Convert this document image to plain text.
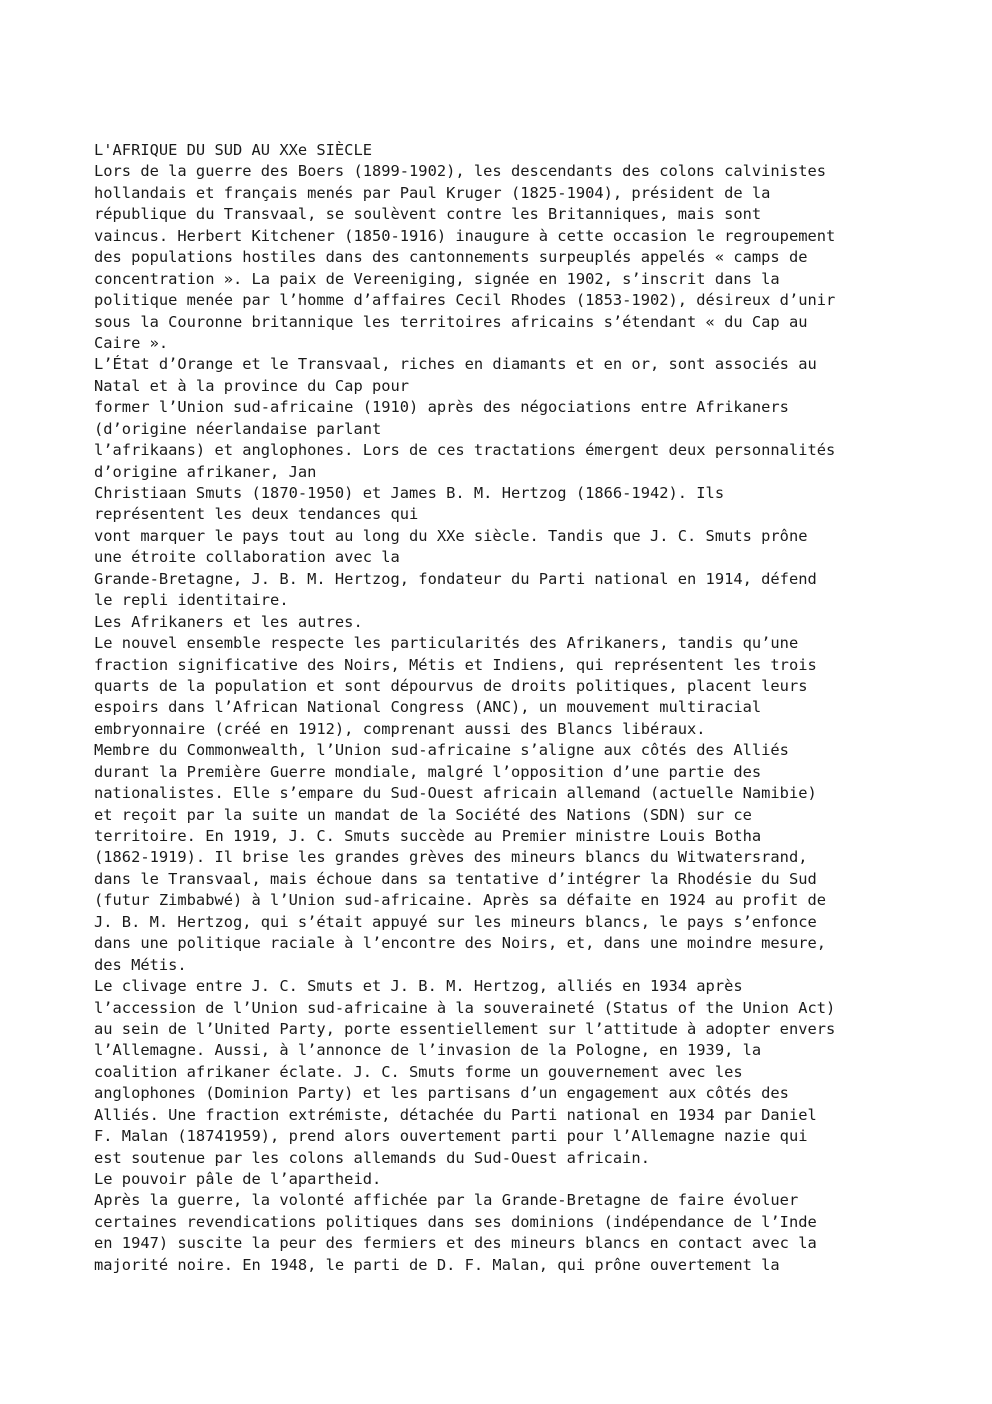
L'AFRIQUE DU SUD AU XXe SIÈCLE
Lors de la guerre des Boers (1899-1902), les descendants des colons calvinistes
hollandais et français menés par Paul Kruger (1825-1904), président de la
république du Transvaal, se soulèvent contre les Britanniques, mais sont
vaincus. Herbert Kitchener (1850-1916) inaugure à cette occasion le regroupement
des populations hostiles dans des cantonnements surpeuplés appelés « camps de
concentration ». La paix de Vereeniging, signée en 1902, s’inscrit dans la
politique menée par l’homme d’affaires Cecil Rhodes (1853-1902), désireux d’unir
sous la Couronne britannique les territoires africains s’étendant « du Cap au
Caire ».
L’État d’Orange et le Transvaal, riches en diamants et en or, sont associés au
Natal et à la province du Cap pour
former l’Union sud-africaine (1910) après des négociations entre Afrikaners
(d’origine néerlandaise parlant
l’afrikaans) et anglophones. Lors de ces tractations émergent deux personnalités
d’origine afrikaner, Jan
Christiaan Smuts (1870-1950) et James B. M. Hertzog (1866-1942). Ils
représentent les deux tendances qui
vont marquer le pays tout au long du XXe siècle. Tandis que J. C. Smuts prône
une étroite collaboration avec la
Grande-Bretagne, J. B. M. Hertzog, fondateur du Parti national en 1914, défend
le repli identitaire.
Les Afrikaners et les autres.
Le nouvel ensemble respecte les particularités des Afrikaners, tandis qu’une
fraction significative des Noirs, Métis et Indiens, qui représentent les trois
quarts de la population et sont dépourvus de droits politiques, placent leurs
espoirs dans l’African National Congress (ANC), un mouvement multiracial
embryonnaire (créé en 1912), comprenant aussi des Blancs libéraux.
Membre du Commonwealth, l’Union sud-africaine s’aligne aux côtés des Alliés
durant la Première Guerre mondiale, malgré l’opposition d’une partie des
nationalistes. Elle s’empare du Sud-Ouest africain allemand (actuelle Namibie)
et reçoit par la suite un mandat de la Société des Nations (SDN) sur ce
territoire. En 1919, J. C. Smuts succède au Premier ministre Louis Botha
(1862-1919). Il brise les grandes grèves des mineurs blancs du Witwatersrand,
dans le Transvaal, mais échoue dans sa tentative d’intégrer la Rhodésie du Sud
(futur Zimbabwé) à l’Union sud-africaine. Après sa défaite en 1924 au profit de
J. B. M. Hertzog, qui s’était appuyé sur les mineurs blancs, le pays s’enfonce
dans une politique raciale à l’encontre des Noirs, et, dans une moindre mesure,
des Métis.
Le clivage entre J. C. Smuts et J. B. M. Hertzog, alliés en 1934 après
l’accession de l’Union sud-africaine à la souveraineté (Status of the Union Act)
au sein de l’United Party, porte essentiellement sur l’attitude à adopter envers
l’Allemagne. Aussi, à l’annonce de l’invasion de la Pologne, en 1939, la
coalition afrikaner éclate. J. C. Smuts forme un gouvernement avec les
anglophones (Dominion Party) et les partisans d’un engagement aux côtés des
Alliés. Une fraction extrémiste, détachée du Parti national en 1934 par Daniel
F. Malan (18741959), prend alors ouvertement parti pour l’Allemagne nazie qui
est soutenue par les colons allemands du Sud-Ouest africain.
Le pouvoir pâle de l’apartheid.
Après la guerre, la volonté affichée par la Grande-Bretagne de faire évoluer
certaines revendications politiques dans ses dominions (indépendance de l’Inde
en 1947) suscite la peur des fermiers et des mineurs blancs en contact avec la
majorité noire. En 1948, le parti de D. F. Malan, qui prône ouvertement la
